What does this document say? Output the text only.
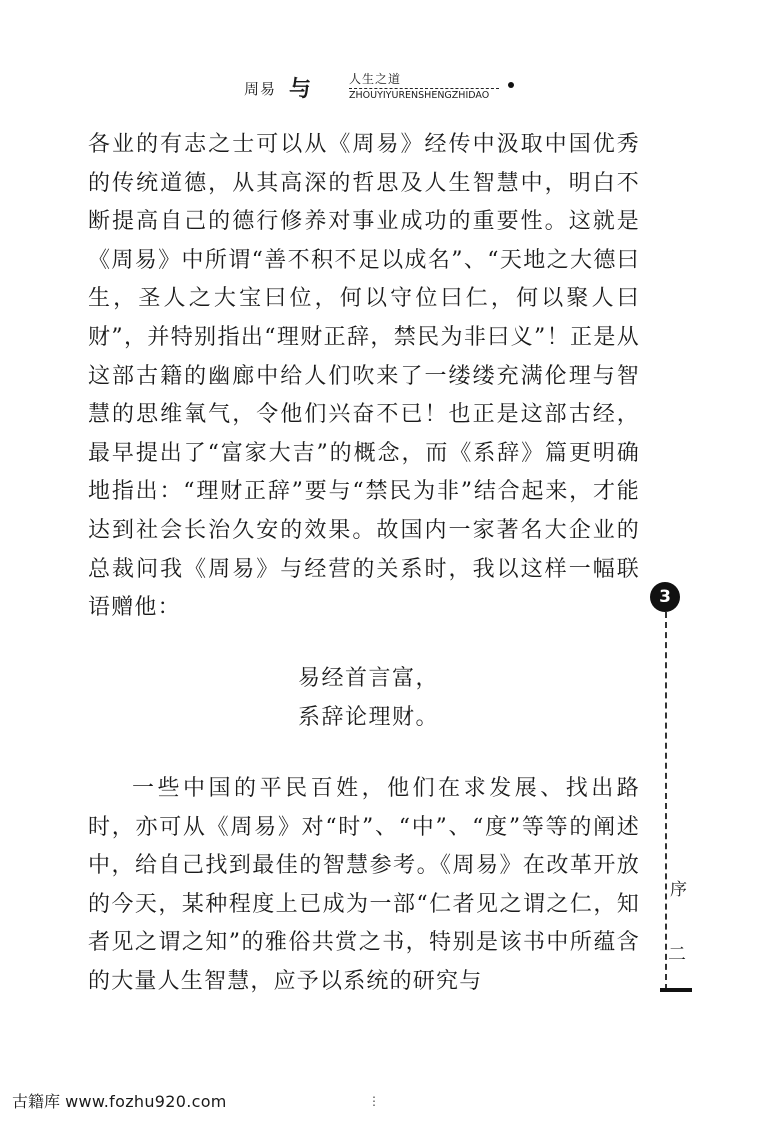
周易 与	人生之道
ZHOUYIYURENSHENGZHIDAO

各业的有志之士可以从《周易》经传中汲取中国优秀的传统道德，从其高深的哲思及人生智慧中，明白不断提高自己的德行修养对事业成功的重要性。这就是《周易》中所谓“善不积不足以成名”、“天地之大德曰生，圣人之大宝曰位，何以守位曰仁，何以聚人曰财”，并特别指出“理财正辞，禁民为非曰义”！正是从这部古籍的幽廊中给人们吹来了一缕缕充满伦理与智慧的思维氧气，令他们兴奋不已！也正是这部古经，最早提出了“富家大吉”的概念，而《系辞》篇更明确地指出：“理财正辞”要与“禁民为非”结合起来，才能达到社会长治久安的效果。故国内一家著名大企业的总裁问我《周易》与经营的关系时，我以这样一幅联语赠他：

易经首言富，
系辞论理财。

一些中国的平民百姓，他们在求发展、找出路时，亦可从《周易》对“时”、“中”、“度”等等的阐述中，给自己找到最佳的智慧参考。《周易》在改革开放的今天，某种程度上已成为一部“仁者见之谓之仁，知者见之谓之知”的雅俗共赏之书，特别是该书中所蕴含的大量人生智慧，应予以系统的研究与

3
序
二
古籍库 www.fozhu920.com	⋮
